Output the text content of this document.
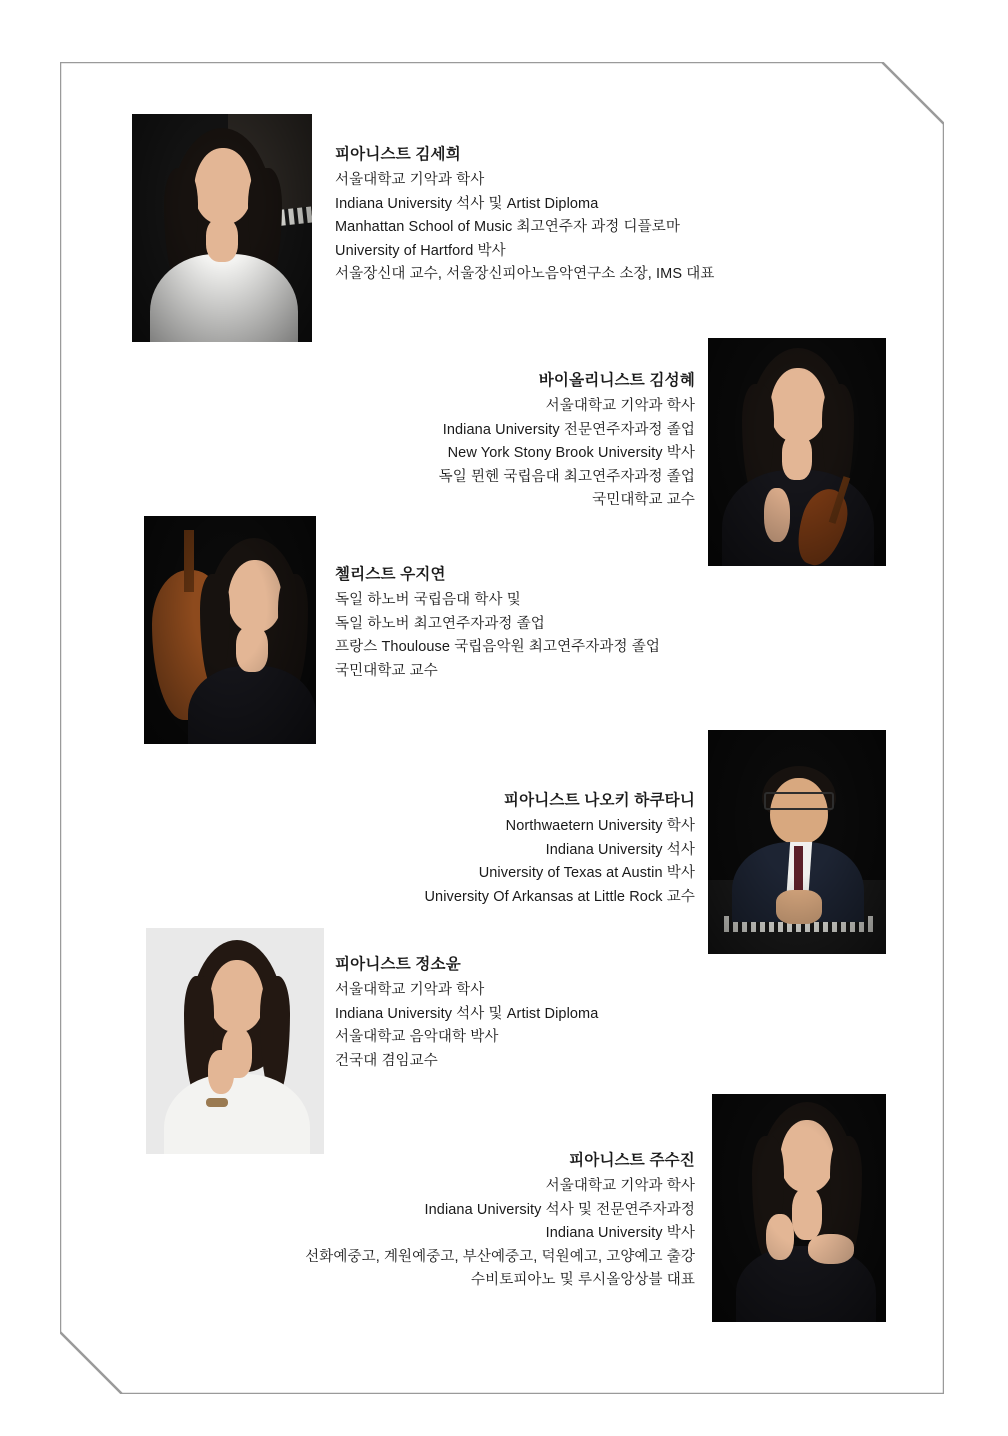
피아니스트 김세희
서울대학교 기악과 학사
Indiana University 석사 및 Artist Diploma
Manhattan School of Music 최고연주자 과정 디플로마
University of Hartford 박사
서울장신대 교수, 서울장신피아노음악연구소 소장, IMS 대표
바이올리니스트 김성혜
서울대학교 기악과 학사
Indiana University 전문연주자과정 졸업
New York Stony Brook University 박사
독일 뮌헨 국립음대 최고연주자과정 졸업
국민대학교 교수
첼리스트 우지연
독일 하노버 국립음대 학사 및
독일 하노버 최고연주자과정 졸업
프랑스 Thoulouse 국립음악원 최고연주자과정 졸업
국민대학교 교수
피아니스트 나오키 하쿠타니
Northwaetern University 학사
Indiana University 석사
University of Texas at Austin 박사
University Of Arkansas at Little Rock 교수
피아니스트 정소윤
서울대학교 기악과 학사
Indiana University 석사 및 Artist Diploma
서울대학교 음악대학 박사
건국대 겸임교수
피아니스트 주수진
서울대학교 기악과 학사
Indiana University 석사 및 전문연주자과정
Indiana University 박사
선화예중고, 계원예중고, 부산예중고, 덕원예고, 고양예고 출강
수비토피아노 및 루시올앙상블 대표
